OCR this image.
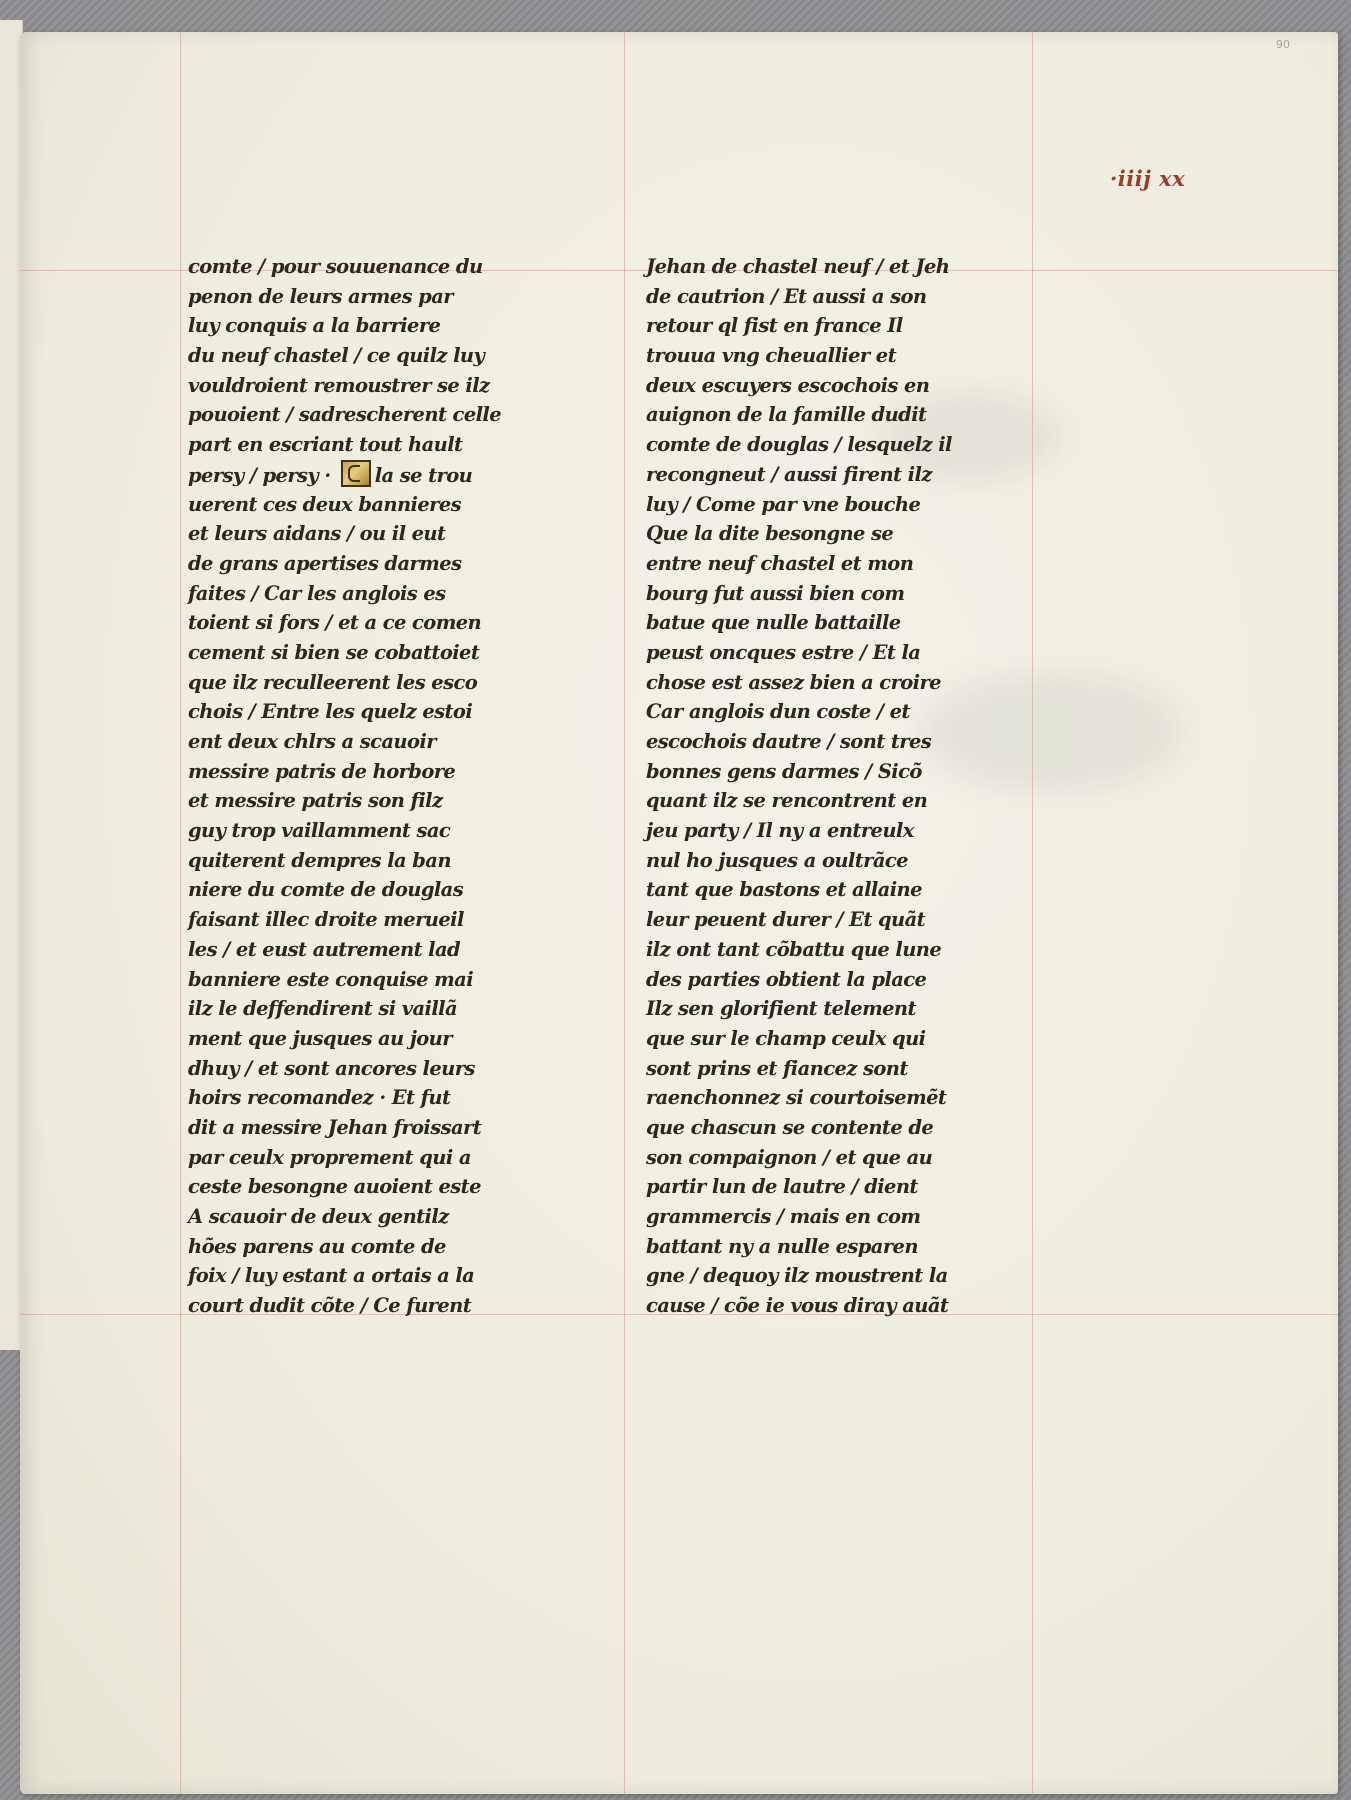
90
·iiij xx
comte / pour souuenance du
penon de leurs armes par
luy conquis a la barriere
du neuf chastel / ce quilz luy
vouldroient remoustrer se ilz
pouoient / sadrescherent celle
part en escriant tout hault
persy / persy · la se trou
uerent ces deux bannieres
et leurs aidans / ou il eut
de grans apertises darmes
faites / Car les anglois es
toient si fors / et a ce comen
cement si bien se cobattoiet
que ilz reculleerent les esco
chois / Entre les quelz estoi
ent deux chlrs a scauoir
messire patris de horbore
et messire patris son filz
guy trop vaillamment sac
quiterent dempres la ban
niere du comte de douglas
faisant illec droite merueil
les / et eust autrement lad
banniere este conquise mai
ilz le deffendirent si vaillã
ment que jusques au jour
dhuy / et sont ancores leurs
hoirs recomandez · Et fut
dit a messire Jehan froissart
par ceulx proprement qui a
ceste besongne auoient este
A scauoir de deux gentilz
hões parens au comte de
foix / luy estant a ortais a la
court dudit cõte / Ce furent
Jehan de chastel neuf / et Jeh
de cautrion / Et aussi a son
retour ql fist en france Il
trouua vng cheuallier et
deux escuyers escochois en
auignon de la famille dudit
comte de douglas / lesquelz il
recongneut / aussi firent ilz
luy / Come par vne bouche
Que la dite besongne se
entre neuf chastel et mon
bourg fut aussi bien com
batue que nulle battaille
peust oncques estre / Et la
chose est assez bien a croire
Car anglois dun coste / et
escochois dautre / sont tres
bonnes gens darmes / Sicõ
quant ilz se rencontrent en
jeu party / Il ny a entreulx
nul ho jusques a oultrãce
tant que bastons et allaine
leur peuent durer / Et quãt
ilz ont tant cõbattu que lune
des parties obtient la place
Ilz sen glorifient telement
que sur le champ ceulx qui
sont prins et fiancez sont
raenchonnez si courtoisemẽt
que chascun se contente de
son compaignon / et que au
partir lun de lautre / dient
grammercis / mais en com
battant ny a nulle esparen
gne / dequoy ilz moustrent la
cause / cõe ie vous diray auãt
